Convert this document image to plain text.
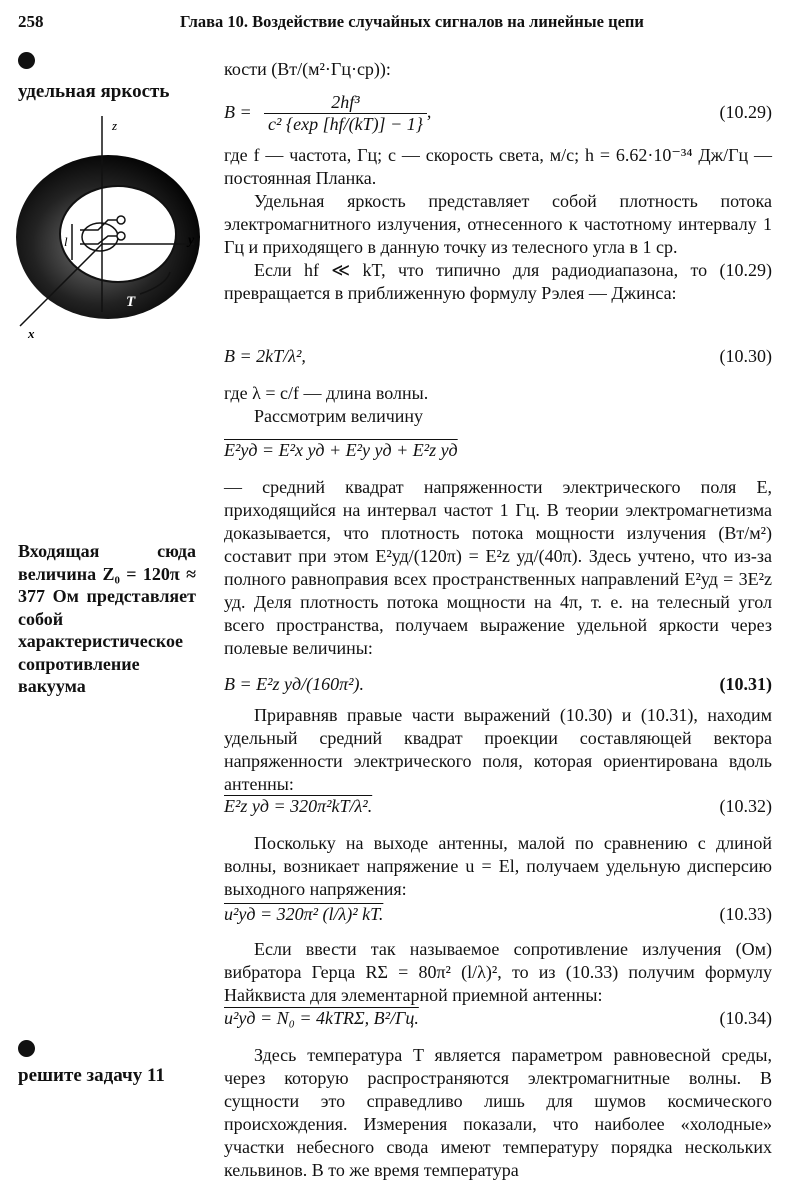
258	Глава 10. Воздействие случайных сигналов на линейные цепи
удельная яркость
z
y
x
l
T
Входящая сюда величина Z₀ = 120π ≈ 377 Ом представляет собой характеристическое сопротивление вакуума
решите задачу 11

кости (Вт/(м²·Гц·ср)):

$B = \frac{\text{2hf³}}{\text{c² \{exp [hf/(kT)] − 1\}}}$ ,	(10.29)

где f — частота, Гц; c — скорость света, м/с; h = 6.62·10⁻³⁴ Дж/Гц — постоянная Планка.

Удельная яркость представляет собой плотность потока электромагнитного излучения, отнесенного к частотному интервалу 1 Гц и приходящего в данную точку из телесного угла в 1 ср.

Если hf ≪ kT, что типично для радиодиапазона, то (10.29) превращается в приближенную формулу Рэлея — Джинса:

B = 2kT/λ²,	(10.30)

где λ = c/f — длина волны.

Рассмотрим величину

E²уд = E²x уд + E²y уд + E²z уд

— средний квадрат напряженности электрического поля E, приходящийся на интервал частот 1 Гц. В теории электромагнетизма доказывается, что плотность потока мощности излучения (Вт/м²) составит при этом E²уд/(120π) = E²z уд/(40π). Здесь учтено, что из-за полного равноправия всех пространственных направлений E²уд = 3E²z уд. Деля плотность потока мощности на 4π, т. е. на телесный угол всего пространства, получаем выражение удельной яркости через полевые величины:

B = E²z уд/(160π²).	(10.31)

Приравняв правые части выражений (10.30) и (10.31), находим удельный средний квадрат проекции составляющей вектора напряженности электрического поля, которая ориентирована вдоль антенны:

E²z уд = 320π²kT/λ².	(10.32)

Поскольку на выходе антенны, малой по сравнению с длиной волны, возникает напряжение u = El, получаем удельную дисперсию выходного напряжения:

u²уд = 320π² (l/λ)² kT.	(10.33)

Если ввести так называемое сопротивление излучения (Ом) вибратора Герца RΣ = 80π² (l/λ)², то из (10.33) получим формулу Найквиста для элементарной приемной антенны:

u²уд = N₀ = 4kTRΣ, В²/Гц.	(10.34)

Здесь температура T является параметром равновесной среды, через которую распространяются электромагнитные волны. В сущности это справедливо лишь для шумов космического происхождения. Измерения показали, что наиболее «холодные» участки небесного свода имеют температуру порядка нескольких кельвинов. В то же время температура
